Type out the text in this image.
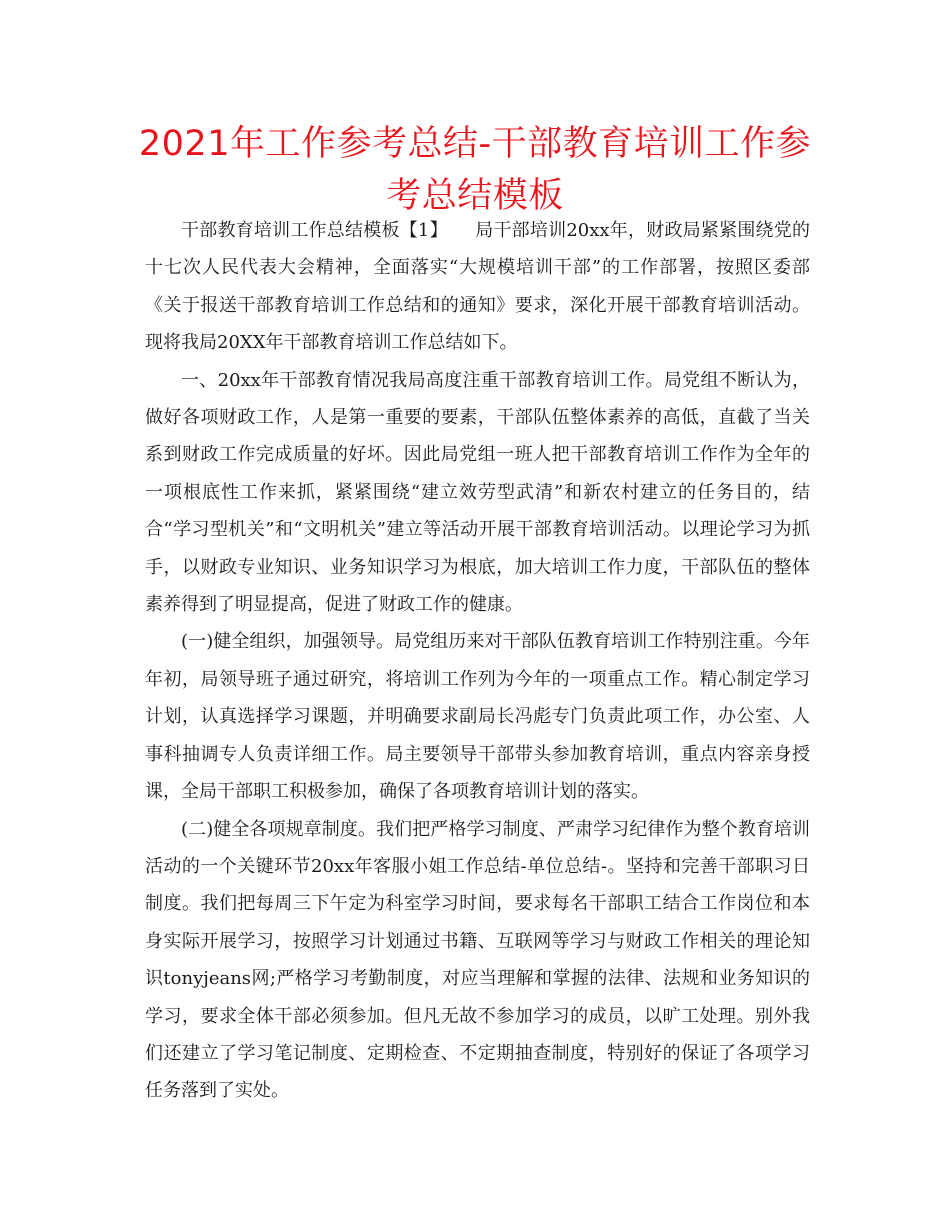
2021年工作参考总结-干部教育培训工作参考总结模板

干部教育培训工作总结模板【1】　　局干部培训20xx年，财政局紧紧围绕党的十七次人民代表大会精神，全面落实“大规模培训干部”的工作部署，按照区委部《关于报送干部教育培训工作总结和的通知》要求，深化开展干部教育培训活动。现将我局20XX年干部教育培训工作总结如下。

一、20xx年干部教育情况我局高度注重干部教育培训工作。局党组不断认为，做好各项财政工作，人是第一重要的要素，干部队伍整体素养的高低，直截了当关系到财政工作完成质量的好坏。因此局党组一班人把干部教育培训工作作为全年的一项根底性工作来抓，紧紧围绕“建立效劳型武清”和新农村建立的任务目的，结合“学习型机关”和“文明机关”建立等活动开展干部教育培训活动。以理论学习为抓手，以财政专业知识、业务知识学习为根底，加大培训工作力度，干部队伍的整体素养得到了明显提高，促进了财政工作的健康。

(一)健全组织，加强领导。局党组历来对干部队伍教育培训工作特别注重。今年年初，局领导班子通过研究，将培训工作列为今年的一项重点工作。精心制定学习计划，认真选择学习课题，并明确要求副局长冯彪专门负责此项工作，办公室、人事科抽调专人负责详细工作。局主要领导干部带头参加教育培训，重点内容亲身授课，全局干部职工积极参加，确保了各项教育培训计划的落实。

(二)健全各项规章制度。我们把严格学习制度、严肃学习纪律作为整个教育培训活动的一个关键环节20xx年客服小姐工作总结-单位总结-。坚持和完善干部职习日制度。我们把每周三下午定为科室学习时间，要求每名干部职工结合工作岗位和本身实际开展学习，按照学习计划通过书籍、互联网等学习与财政工作相关的理论知识tonyjeans网;严格学习考勤制度，对应当理解和掌握的法律、法规和业务知识的学习，要求全体干部必须参加。但凡无故不参加学习的成员，以旷工处理。别外我们还建立了学习笔记制度、定期检查、不定期抽查制度，特别好的保证了各项学习任务落到了实处。
